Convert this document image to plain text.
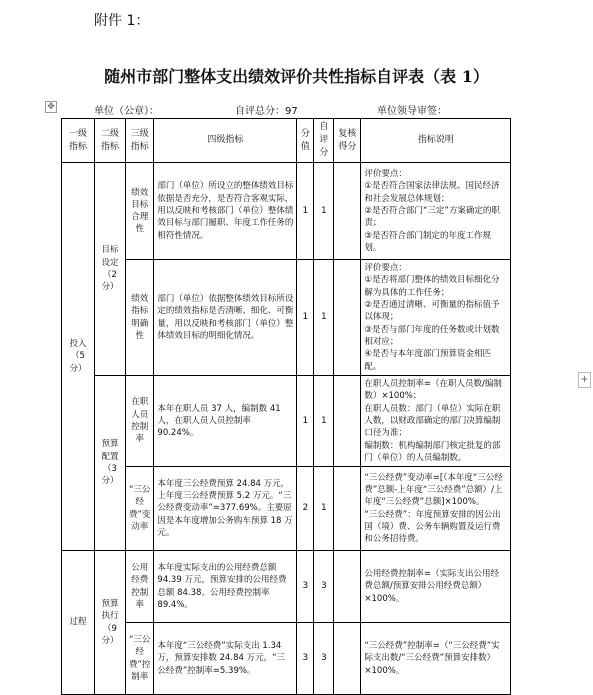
附件 1：
随州市部门整体支出绩效评价共性指标自评表（表 1）
✥	单位（公章）：	自评总分：97	单位领导审签：
一级指标	二级指标	三级指标	四级指标	分值	自评分	复核得分	指标说明
投入（5分）	目标设定（2分）	绩效目标合理性	部门（单位）所设立的整体绩效目标依据是否充分，是否符合客观实际，用以反映和考核部门（单位）整体绩效目标与部门履职、年度工作任务的相符性情况。	1	1		评价要点：
①是否符合国家法律法规、国民经济和社会发展总体规划；
②是否符合部门“三定”方案确定的职责；
③是否符合部门制定的年度工作规划。
		绩效指标明确性	部门（单位）依据整体绩效目标所设定的绩效指标是否清晰、细化、可衡量，用以反映和考核部门（单位）整体绩效目标的明细化情况。	1	1		评价要点：
①是否将部门整体的绩效目标细化分解为具体的工作任务；
②是否通过清晰、可衡量的指标值予以体现；
③是否与部门年度的任务数或计划数相对应；
④是否与本年度部门预算资金相匹配。
	预算配置（3分）	在职人员控制率	本年在职人员 37 人，编制数 41 人，在职人员人员控制率 90.24%。	1	1		在职人员控制率=（在职人员数/编制数）×100%；
在职人员数：部门（单位）实际在职人数，以财政部确定的部门决算编制口径为准；
编制数：机构编制部门核定批复的部门（单位）的人员编制数。
		“三公经费”变动率	本年度三公经费预算 24.84 万元，上年度三公经费预算 5.2 万元。“三公经费变动率”=377.69%。主要原因是本年度增加公务购车预算 18 万元。	2	1		“三公经费”变动率=[（本年度“三公经费”总额-上年度“三公经费”总额）/上年度“三公经费”总额]×100%。
“三公经费”：年度预算安排的因公出国（境）费、公务车辆购置及运行费和公务招待费。
过程	预算执行（9分）	公用经费控制率	本年度实际支出的公用经费总额 94.39 万元，预算安排的公用经费总额 84.38。公用经费控制率 89.4%。	3	3		公用经费控制率=（实际支出公用经费总额/预算安排公用经费总额）×100%。
		“三公经费”控制率	本年度“三公经费”实际支出 1.34 万，预算安排数 24.84 万元，“三公经费”控制率=5.39%。	3	3		“三公经费”控制率=（“三公经费”实际支出数/“三公经费”预算安排数）×100%。
+
